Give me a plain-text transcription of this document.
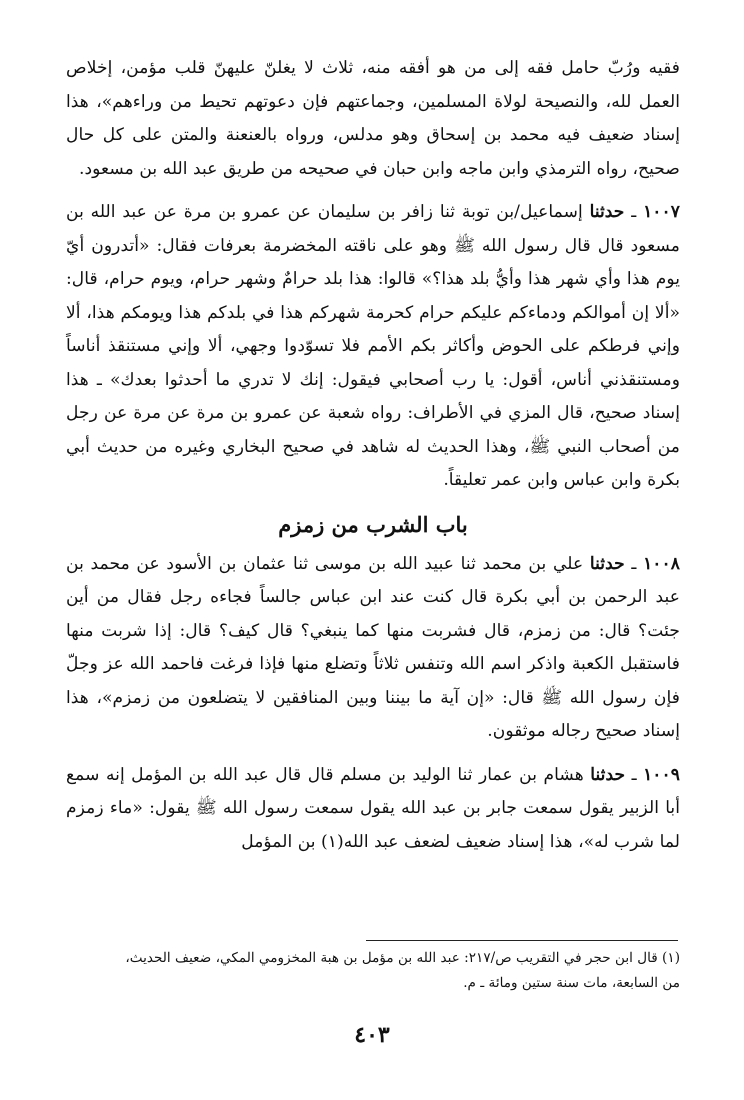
فقيه ورُبّ حامل فقه إلى من هو أفقه منه، ثلاث لا يغلنّ عليهنّ قلب مؤمن، إخلاص العمل لله، والنصيحة لولاة المسلمين، وجماعتهم فإن دعوتهم تحيط من وراءهم»، هذا إسناد ضعيف فيه محمد بن إسحاق وهو مدلس، ورواه بالعنعنة والمتن على كل حال صحيح، رواه الترمذي وابن ماجه وابن حبان في صحيحه من طريق عبد الله بن مسعود.

١٠٠٧ ـ حدثنا إسماعيل/بن توبة ثنا زافر بن سليمان عن عمرو بن مرة عن عبد الله بن مسعود قال قال رسول الله ﷺ وهو على ناقته المخضرمة بعرفات فقال: «أتدرون أيّ يوم هذا وأي شهر هذا وأيُّ بلد هذا؟» قالوا: هذا بلد حرامٌ وشهر حرام، ويوم حرام، قال: «ألا إن أموالكم ودماءكم عليكم حرام كحرمة شهركم هذا في بلدكم هذا ويومكم هذا، ألا وإني فرطكم على الحوض وأكاثر بكم الأمم فلا تسوّدوا وجهي، ألا وإني مستنقذ أناساً ومستنقذني أناس، أقول: يا رب أصحابي فيقول: إنك لا تدري ما أحدثوا بعدك» ـ هذا إسناد صحيح، قال المزي في الأطراف: رواه شعبة عن عمرو بن مرة عن مرة عن رجل من أصحاب النبي ﷺ، وهذا الحديث له شاهد في صحيح البخاري وغيره من حديث أبي بكرة وابن عباس وابن عمر تعليقاً.

باب الشرب من زمزم

١٠٠٨ ـ حدثنا علي بن محمد ثنا عبيد الله بن موسى ثنا عثمان بن الأسود عن محمد بن عبد الرحمن بن أبي بكرة قال كنت عند ابن عباس جالساً فجاءه رجل فقال من أين جئت؟ قال: من زمزم، قال فشربت منها كما ينبغي؟ قال كيف؟ قال: إذا شربت منها فاستقبل الكعبة واذكر اسم الله وتنفس ثلاثاً وتضلع منها فإذا فرغت فاحمد الله عز وجلّ فإن رسول الله ﷺ قال: «إن آية ما بيننا وبين المنافقين لا يتضلعون من زمزم»، هذا إسناد صحيح رجاله موثقون.

١٠٠٩ ـ حدثنا هشام بن عمار ثنا الوليد بن مسلم قال قال عبد الله بن المؤمل إنه سمع أبا الزبير يقول سمعت جابر بن عبد الله يقول سمعت رسول الله ﷺ يقول: «ماء زمزم لما شرب له»، هذا إسناد ضعيف لضعف عبد الله(١) بن المؤمل

(١) قال ابن حجر في التقريب ص/٢١٧: عبد الله بن مؤمل بن هبة المخزومي المكي، ضعيف الحديث،

من السابعة، مات سنة ستين ومائة ـ م.

٤٠٣
